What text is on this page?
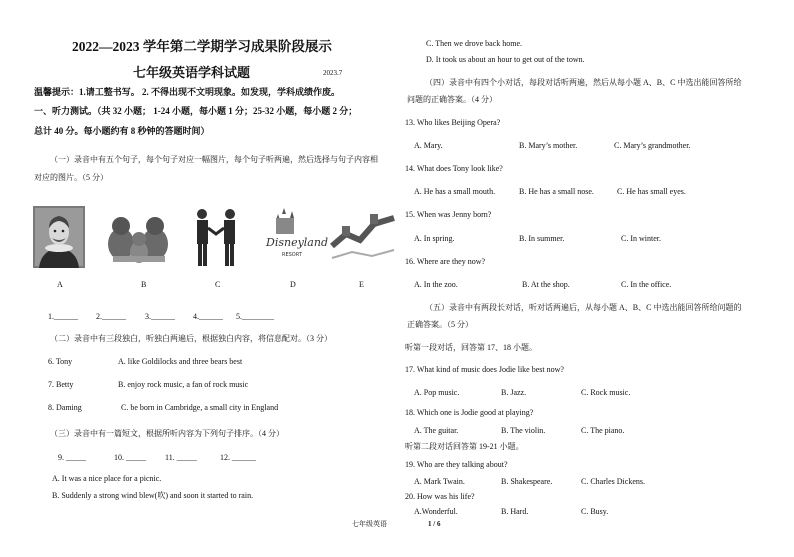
2022—2023 学年第二学期学习成果阶段展示
七年级英语学科试题	2023.7
温馨提示：1.请工整书写。 2. 不得出现不文明现象。如发现，学科成绩作废。
一、听力测试。（共 32 小题； 1-24 小题，每小题 1 分；25-32 小题，每小题 2 分；
总计 40 分。每小题约有 8 秒钟的答题时间）
（一）录音中有五个句子，每个句子对应一幅图片，每个句子听两遍，然后选择与句子内容相
对应的图片。（5 分）
Disneyland
RESORT
A	B	C	D	E
1.______ 2.______ 3.______ 4.______ 5.________
（二）录音中有三段独白，听独白两遍后，根据独白内容，将信息配对。（3 分）
6. Tony	A. like Goldilocks and three bears best
7. Betty	B. enjoy rock music, a fan of rock music
8. Daming	C. be born in Cambridge, a small city in England
（三）录音中有一篇短文，根据所听内容为下列句子排序。（4 分）
9. _____	10. _____ 11. _____	12. ______
A. It was a nice place for a picnic.
B. Suddenly a strong wind blew(吹) and soon it started to rain.
C. Then we drove back home.
D. It took us about an hour to get out of the town.
（四）录音中有四个小对话，每段对话听两遍，然后从每小题 A、B、C 中选出能回答所给
问题的正确答案。（4 分）
13. Who likes Beijing Opera?
A. Mary.	B. Mary’s mother.	C. Mary’s grandmother.
14. What does Tony look like?
A. He has a small mouth.	B. He has a small nose.	C. He has small eyes.
15. When was Jenny born?
A. In spring.	B. In summer.	C. In winter.
16. Where are they now?
A. In the zoo.	B. At the shop.	C. In the office.
（五）录音中有两段长对话，听对话两遍后，从每小题 A、B、C 中选出能回答所给问题的
正确答案。（5 分）
听第一段对话，回答第 17、18 小题。
17. What kind of music does Jodie like best now?
A. Pop music.	B. Jazz.	C. Rock music.
18. Which one is Jodie good at playing?
A. The guitar.	B. The violin.	C. The piano.
听第二段对话回答第 19-21 小题。
19. Who are they talking about?
A. Mark Twain.	B. Shakespeare.	C. Charles Dickens.
20. How was his life?
A.Wonderful.	B. Hard.	C. Busy.
七年级英语	1 / 6
